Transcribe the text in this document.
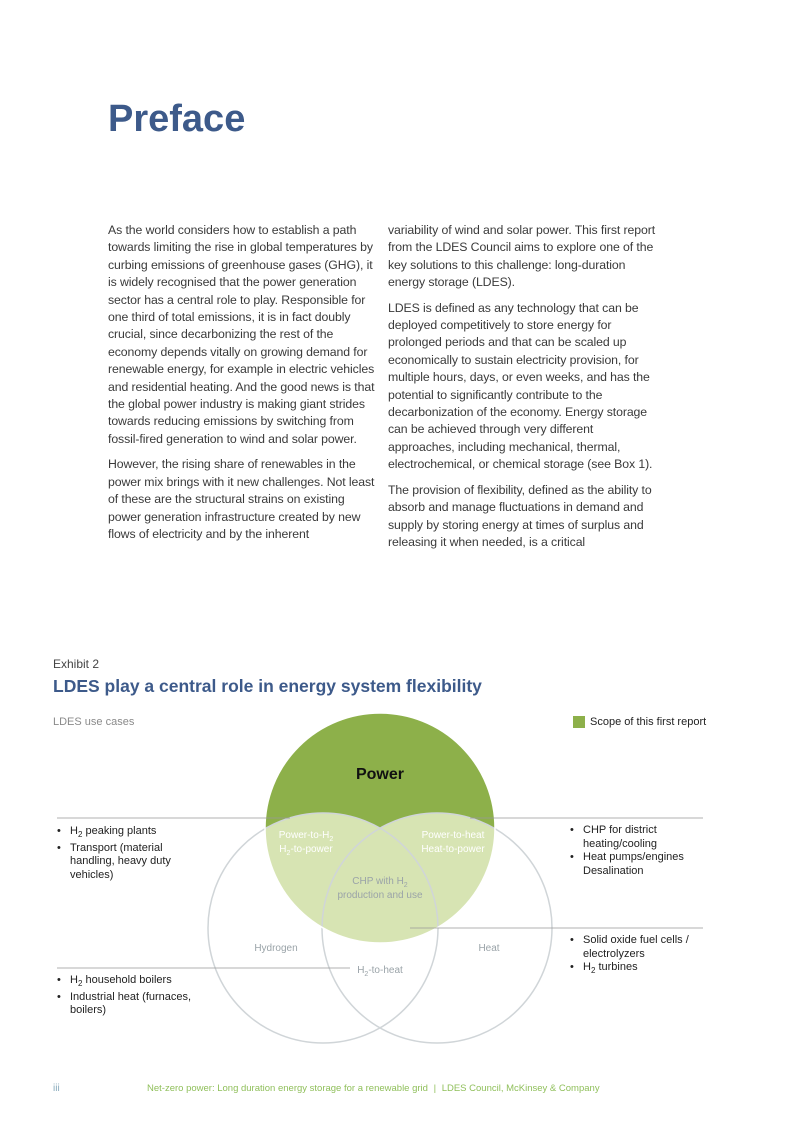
Preface

As the world considers how to establish a path towards limiting the rise in global temperatures by curbing emissions of greenhouse gases (GHG), it is widely recognised that the power generation sector has a central role to play. Responsible for one third of total emissions, it is in fact doubly crucial, since decarbonizing the rest of the economy depends vitally on growing demand for renewable energy, for example in electric vehicles and residential heating. And the good news is that the global power industry is making giant strides towards reducing emissions by switching from fossil-fired generation to wind and solar power.

However, the rising share of renewables in the power mix brings with it new challenges. Not least of these are the structural strains on existing power generation infrastructure created by new flows of electricity and by the inherent

variability of wind and solar power. This first report from the LDES Council aims to explore one of the key solutions to this challenge: long-duration energy storage (LDES).

LDES is defined as any technology that can be deployed competitively to store energy for prolonged periods and that can be scaled up economically to sustain electricity provision, for multiple hours, days, or even weeks, and has the potential to significantly contribute to the decarbonization of the economy. Energy storage can be achieved through very different approaches, including mechanical, thermal, electrochemical, or chemical storage (see Box 1).

The provision of flexibility, defined as the ability to absorb and manage fluctuations in demand and supply by storing energy at times of surplus and releasing it when needed, is a critical

Exhibit 2
LDES play a central role in energy system flexibility
LDES use cases	Scope of this first report
Power
Power-$to-H_2$
$H_2-to$-power
Power-to-heat
Heat-to-power
CHP with $H_2$
production and use
Hydrogen	Heat
$H_2-to$-heat
• $H_2$ peaking plants
• Transport (material handling, heavy duty vehicles)
• $H_2$ household boilers
• Industrial heat (furnaces, boilers)
• CHP for district heating/cooling
• Heat pumps/engines Desalination
• Solid oxide fuel cells / electrolyzers
• $H_2$ turbines
iii	Net-zero power: Long duration energy storage for a renewable grid | LDES Council, McKinsey & Company
